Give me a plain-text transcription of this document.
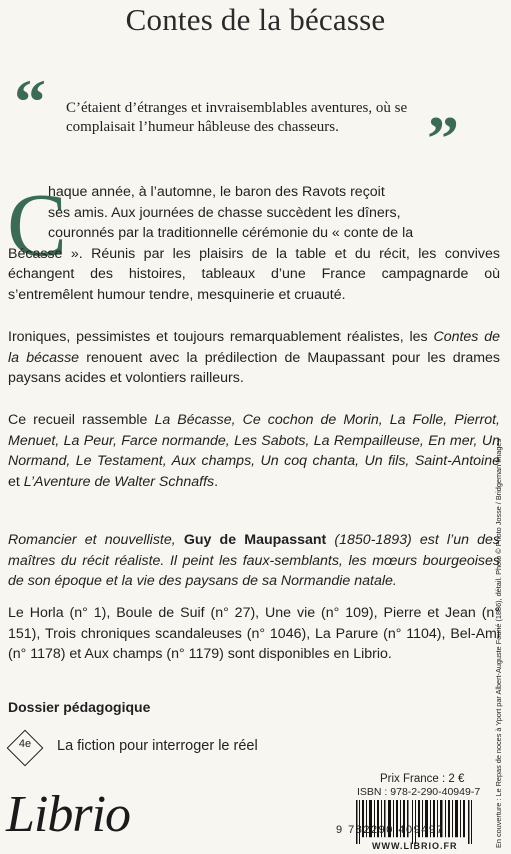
Contes de la bécasse
“ C’étaient d’étranges et invraisemblables aventures, où se complaisait l’humeur hâbleuse des chasseurs.	”
C
haque année, à l’automne, le baron des Ravots reçoit
ses amis. Aux journées de chasse succèdent les dîners,
couronnés par la traditionnelle cérémonie du « conte de la
Bécasse ». Réunis par les plaisirs de la table et du récit, les convives échangent des histoires, tableaux d’une France campagnarde où s’entremêlent humour tendre, mesquinerie et cruauté.
Ironiques, pessimistes et toujours remarquablement réalistes, les Contes de la bécasse renouent avec la prédilection de Maupassant pour les drames paysans acides et volontiers railleurs.
Ce recueil rassemble La Bécasse, Ce cochon de Morin, La Folle, Pierrot, Menuet, La Peur, Farce normande, Les Sabots, La Rempailleuse, En mer, Un Normand, Le Testament, Aux champs, Un coq chanta, Un fils, Saint-Antoine et L’Aventure de Walter Schnaffs.
Romancier et nouvelliste, Guy de Maupassant (1850-1893) est l’un des maîtres du récit réaliste. Il peint les faux-semblants, les mœurs bourgeoises de son époque et la vie des paysans de sa Normandie natale.
Le Horla (n° 1), Boule de Suif (n° 27), Une vie (n° 109), Pierre et Jean (n° 151), Trois chroniques scandaleuses (n° 1046), La Parure (n° 1104), Bel-Ami (n° 1178) et Aux champs (n° 1179) sont disponibles en Librio.
Dossier pédagogique
4e	La fiction pour interroger le réel
Librio
Prix France : 2 €
ISBN : 978-2-290-40949-7
9 782290 409497
WWW.LIBRIO.FR	En couverture : Le Repas de noces à Yport par Albert-Auguste Fourié (1886), détail. Photo © Photo Josse / Bridgeman Images
